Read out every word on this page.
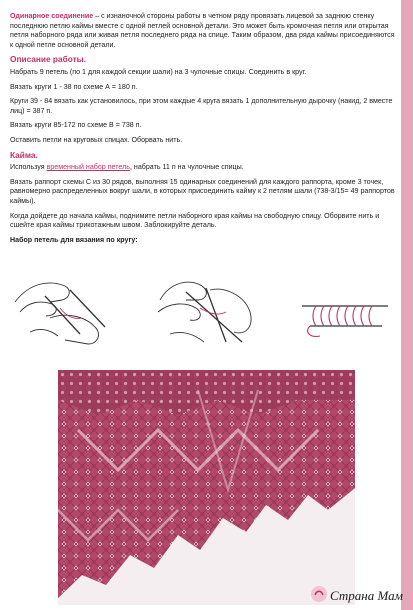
Одинарное соединение – с изнаночной стороны работы в четном ряду провязать лицевой за заднюю стенку последнюю петлю каймы вместе с одной петлей основной детали. Это может быть кромочная петля или открытая петля наборного ряда или живая петля последнего ряда на спице. Таким образом, два ряда каймы присоединяются к одной петле основной детали.

Описание работы.

Набрать 9 петель (по 1 для каждой секции шали) на 3 чулочные спицы. Соединить в круг.

Вязать круги 1 - 38 по схеме А = 180 п.

Круги 39 - 84 вязать как установилось, при этом каждые 4 круга вязать 1 дополнительную дырочку (накид, 2 вместе лиц) = 387 п.

Вязать круги 85-172 по схеме В = 738 п.

Оставить петли на круговых спицах. Оборвать нить.

Кайма.

Используя временный набор петель, набрать 11 п на чулочные спицы.

Вязать раппорт схемы С из 30 рядов, выполняя 15 одинарных соединений для каждого раппорта, кроме 3 точек, равномерно распределенных вокруг шали, в которых присоединить кайму к 2 петлям шали (738-3/15= 49 раппортов каймы).

Когда дойдете до начала каймы, поднимите петли наборного края каймы на свободную спицу. Оборвите нить и сшейте края каймы трикотажным швом. Заблокируйте деталь.

Набор петель для вязания по кругу:
Страна Мам
